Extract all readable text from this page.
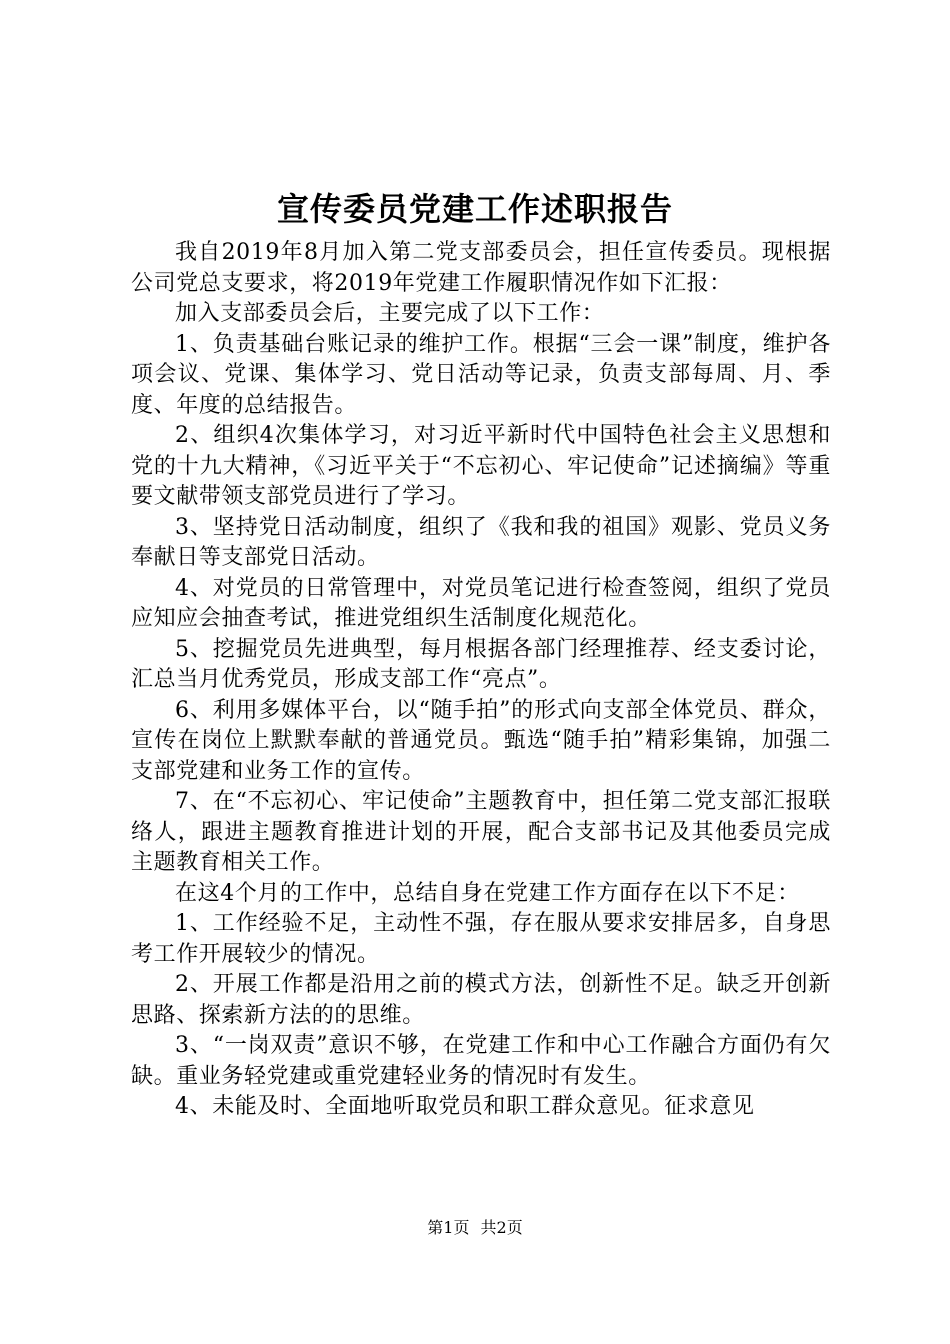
宣传委员党建工作述职报告

我自2019年8月加入第二党支部委员会，担任宣传委员。现根据公司党总支要求，将2019年党建工作履职情况作如下汇报：

加入支部委员会后，主要完成了以下工作：

1、负责基础台账记录的维护工作。根据“三会一课”制度，维护各项会议、党课、集体学习、党日活动等记录，负责支部每周、月、季度、年度的总结报告。

2、组织4次集体学习，对习近平新时代中国特色社会主义思想和党的十九大精神，《习近平关于“不忘初心、牢记使命”记述摘编》等重要文献带领支部党员进行了学习。

3、坚持党日活动制度，组织了《我和我的祖国》观影、党员义务奉献日等支部党日活动。

4、对党员的日常管理中，对党员笔记进行检查签阅，组织了党员应知应会抽查考试，推进党组织生活制度化规范化。

5、挖掘党员先进典型，每月根据各部门经理推荐、经支委讨论，汇总当月优秀党员，形成支部工作“亮点”。

6、利用多媒体平台，以“随手拍”的形式向支部全体党员、群众，宣传在岗位上默默奉献的普通党员。甄选“随手拍”精彩集锦，加强二支部党建和业务工作的宣传。

7、在“不忘初心、牢记使命”主题教育中，担任第二党支部汇报联络人，跟进主题教育推进计划的开展，配合支部书记及其他委员完成主题教育相关工作。

在这4个月的工作中，总结自身在党建工作方面存在以下不足：

1、工作经验不足，主动性不强，存在服从要求安排居多，自身思考工作开展较少的情况。

2、开展工作都是沿用之前的模式方法，创新性不足。缺乏开创新思路、探索新方法的的思维。

3、“一岗双责”意识不够，在党建工作和中心工作融合方面仍有欠缺。重业务轻党建或重党建轻业务的情况时有发生。

4、未能及时、全面地听取党员和职工群众意见。征求意见

第1页 共2页
